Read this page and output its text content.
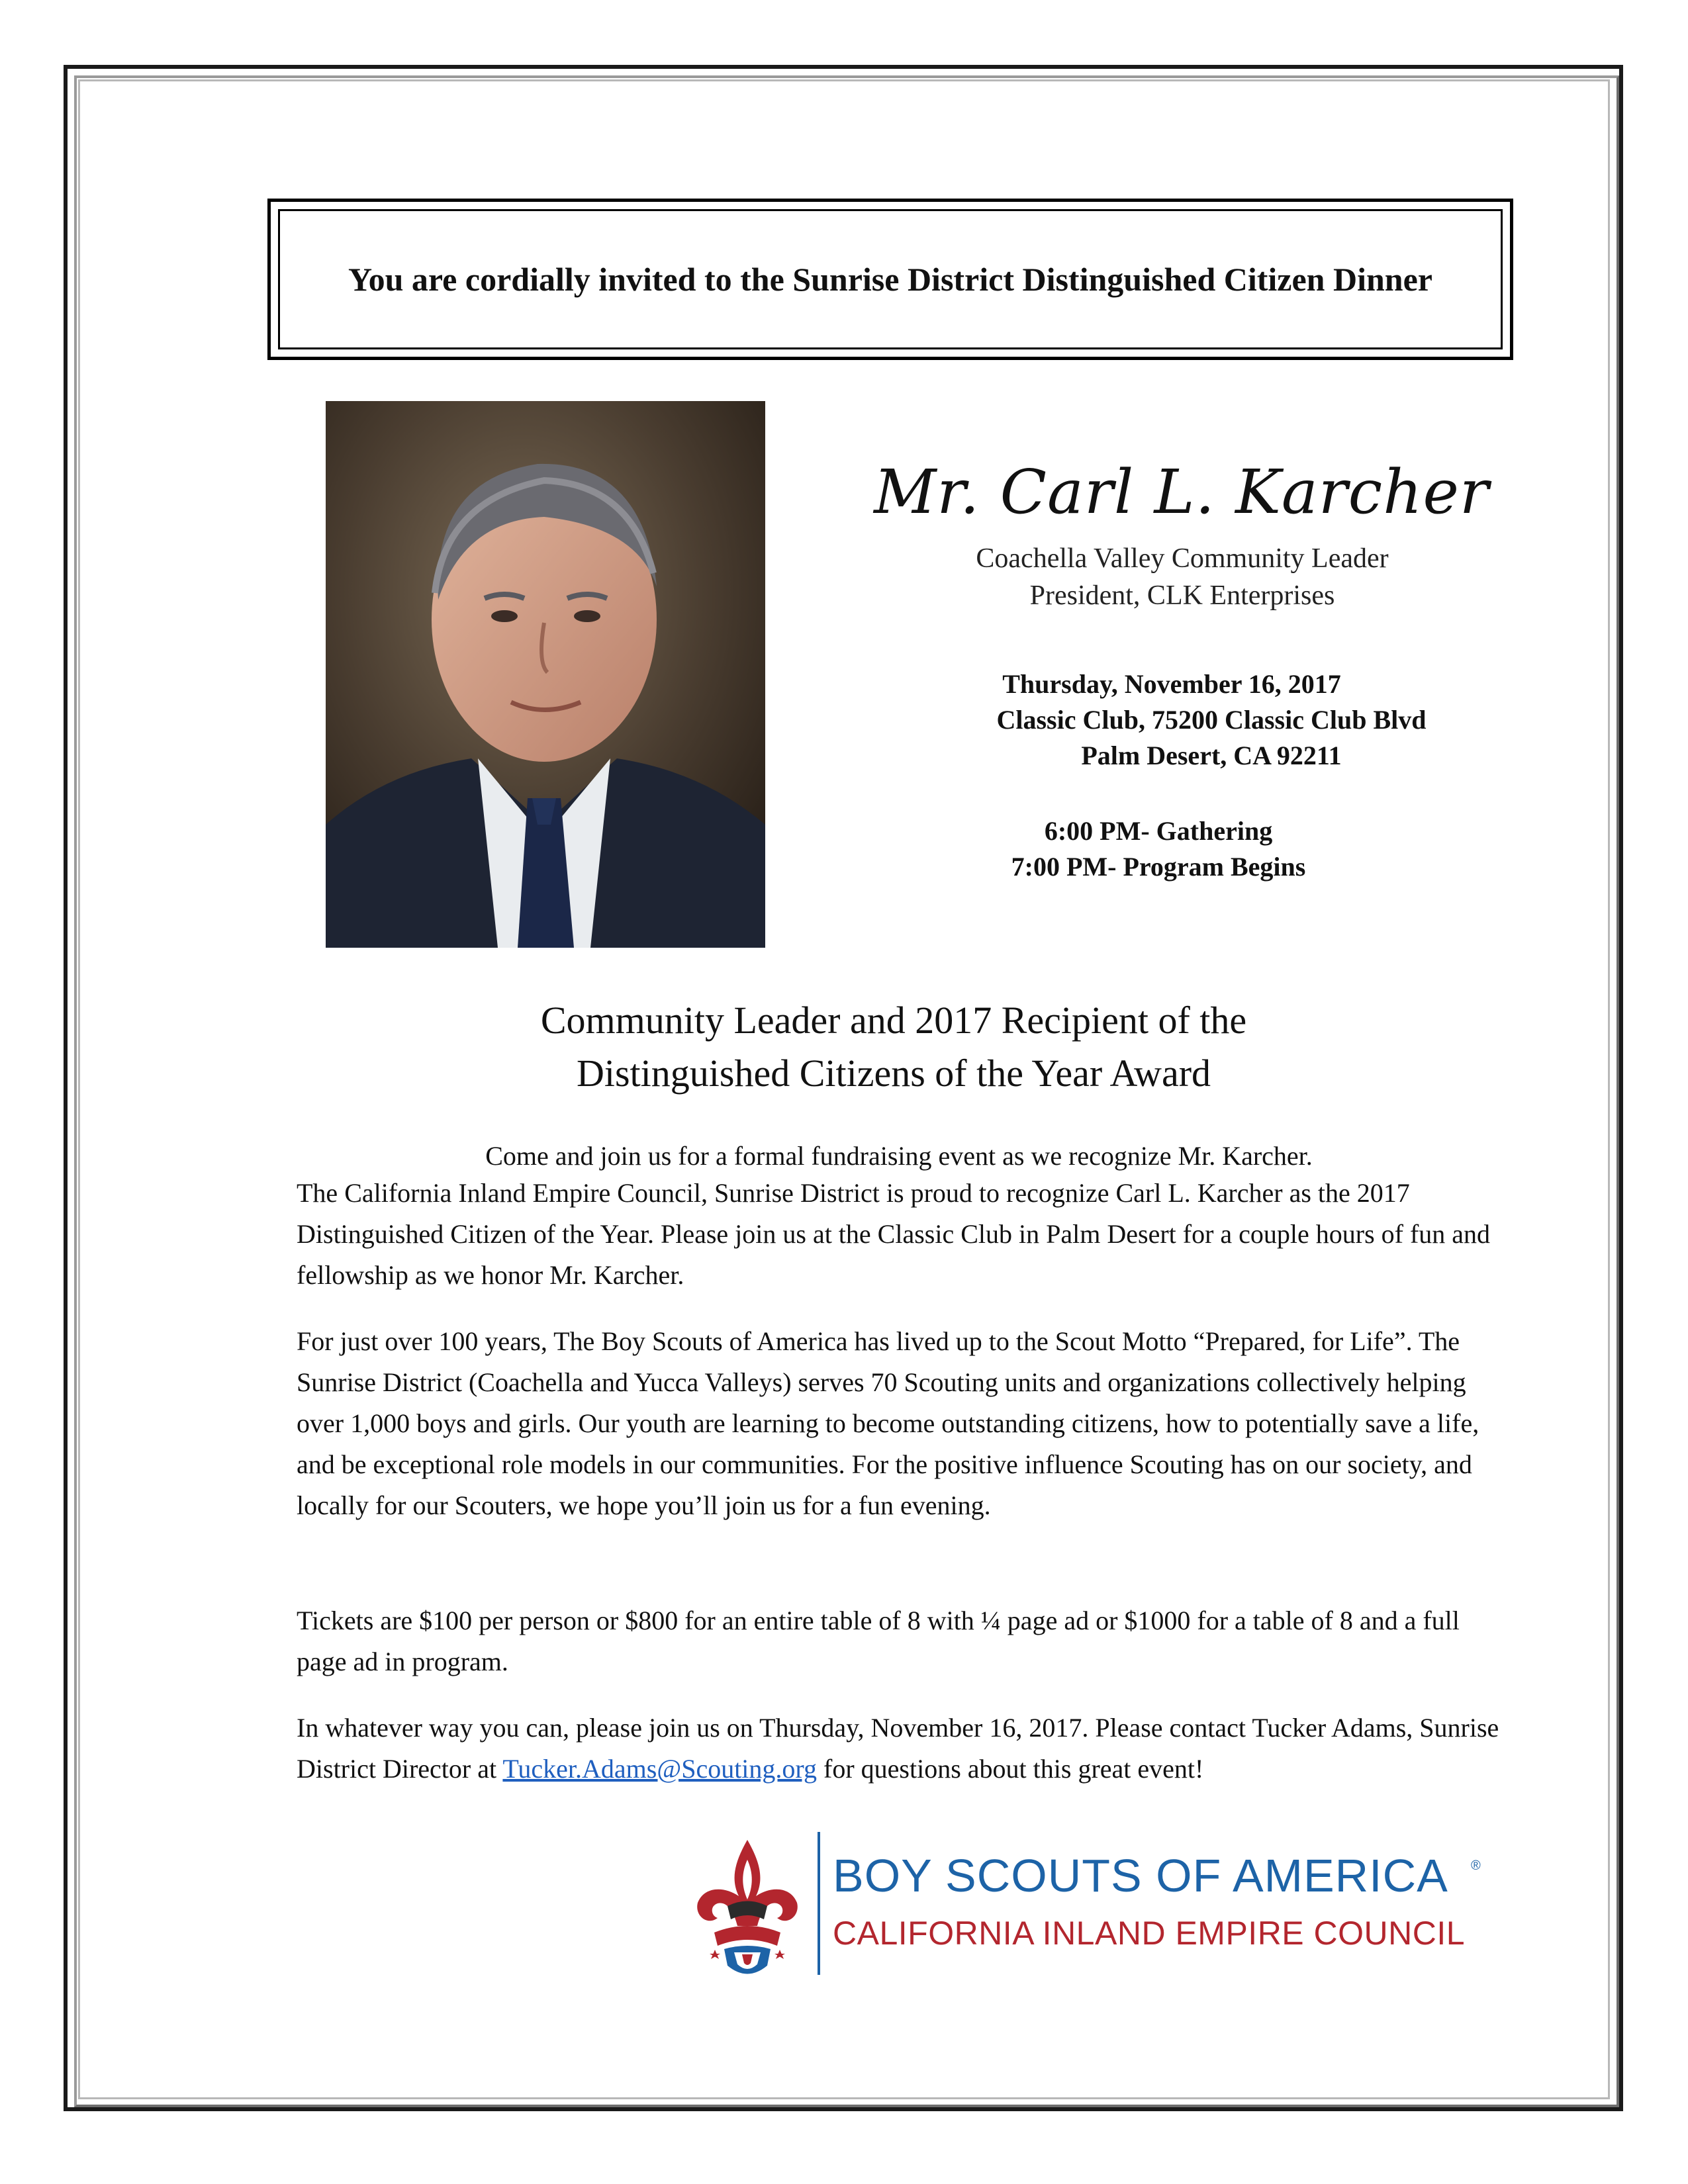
You are cordially invited to the Sunrise District Distinguished Citizen Dinner

Mr. Carl L. Karcher
Coachella Valley Community Leader
President, CLK Enterprises
Thursday, November 16, 2017
Classic Club, 75200 Classic Club Blvd
Palm Desert, CA 92211
6:00 PM- Gathering
7:00 PM- Program Begins
Community Leader and 2017 Recipient of the
Distinguished Citizens of the Year Award

Come and join us for a formal fundraising event as we recognize Mr. Karcher.

The California Inland Empire Council, Sunrise District is proud to recognize Carl L. Karcher as the 2017 Distinguished Citizen of the Year. Please join us at the Classic Club in Palm Desert for a couple hours of fun and fellowship as we honor Mr. Karcher.

For just over 100 years, The Boy Scouts of America has lived up to the Scout Motto “Prepared, for Life”. The Sunrise District (Coachella and Yucca Valleys) serves 70 Scouting units and organizations collectively helping over 1,000 boys and girls. Our youth are learning to become outstanding citizens, how to potentially save a life, and be exceptional role models in our communities. For the positive influence Scouting has on our society, and locally for our Scouters, we hope you’ll join us for a fun evening.

Tickets are $100 per person or $800 for an entire table of 8 with ¼ page ad or $1000 for a table of 8 and a full page ad in program.

In whatever way you can, please join us on Thursday, November 16, 2017. Please contact Tucker Adams, Sunrise District Director at Tucker.Adams@Scouting.org for questions about this great event!

BOY SCOUTS OF AMERICA ®
CALIFORNIA INLAND EMPIRE COUNCIL
